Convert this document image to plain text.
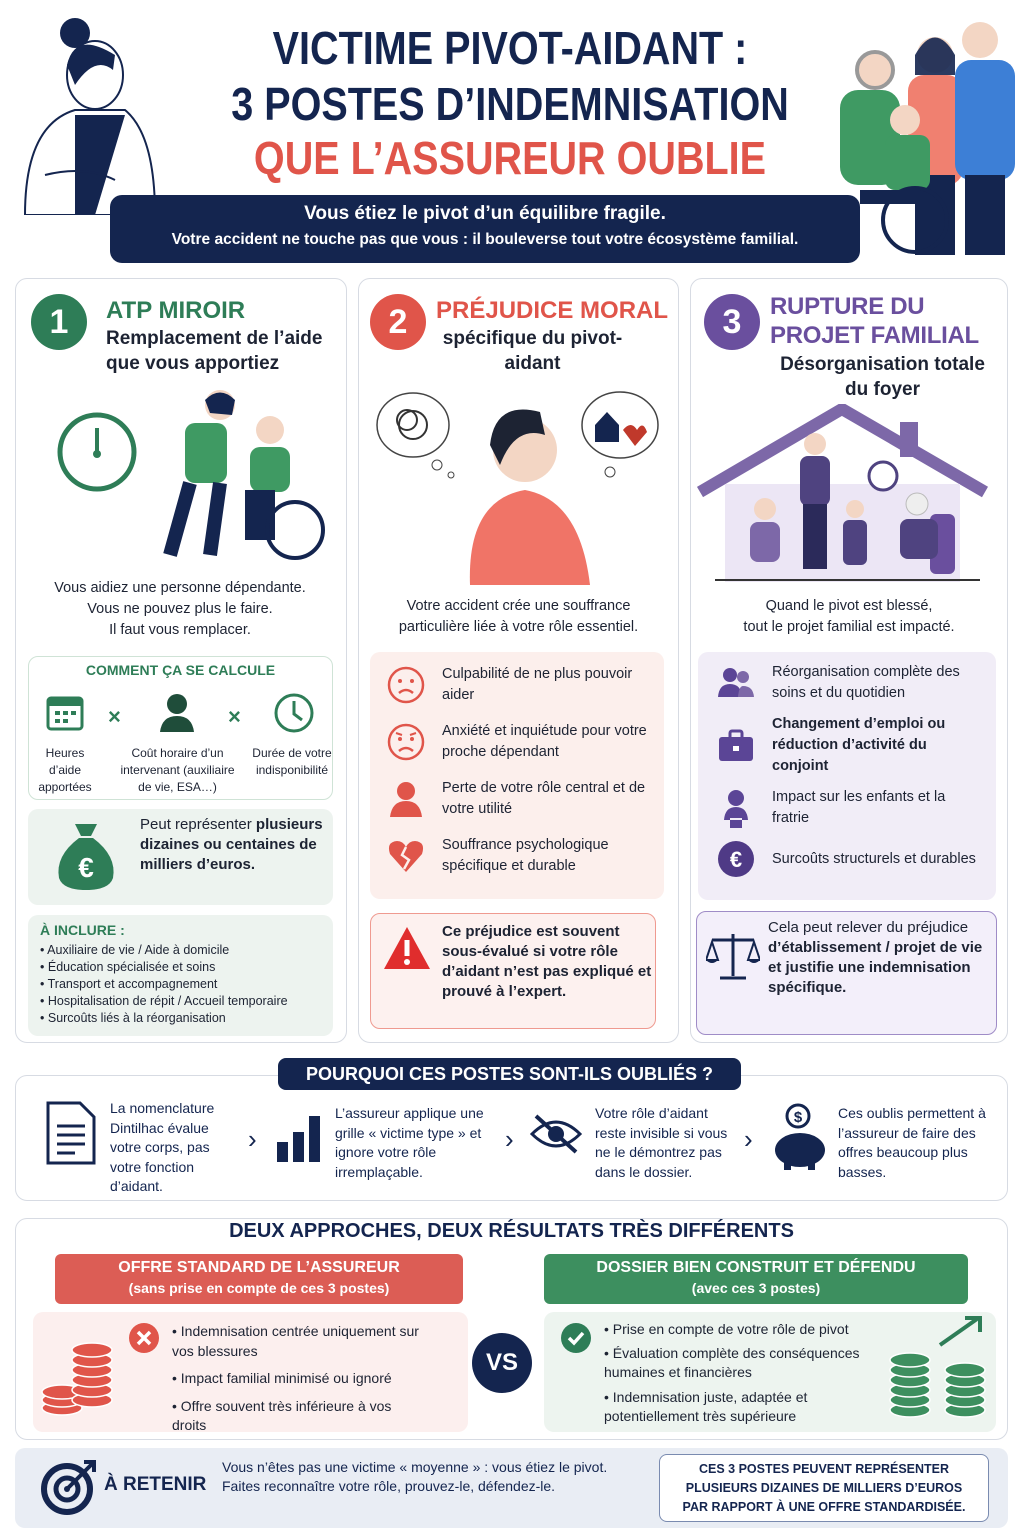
VICTIME PIVOT-AIDANT :
3 POSTES D’INDEMNISATION
QUE L’ASSUREUR OUBLIE
Vous étiez le pivot d’un équilibre fragile.
Votre accident ne touche pas que vous : il bouleverse tout votre écosystème familial.
1	ATP MIROIR
Remplacement de l’aide que vous apportiez
Vous aidiez une personne dépendante.
Vous ne pouvez plus le faire.
Il faut vous remplacer.
COMMENT ÇA SE CALCULE
×	×
Heures d’aide apportées
Coût horaire d’un intervenant (auxiliaire de vie, ESA…)
Durée de votre indisponibilité
€
Peut représenter plusieurs dizaines ou centaines de milliers d’euros.
À INCLURE :
• Auxiliaire de vie / Aide à domicile
• Éducation spécialisée et soins
• Transport et accompagnement
• Hospitalisation de répit / Accueil temporaire
• Surcoûts liés à la réorganisation
2	PRÉJUDICE MORAL
spécifique du pivot-aidant
Votre accident crée une souffrance
particulière liée à votre rôle essentiel.
Culpabilité de ne plus pouvoir aider
Anxiété et inquiétude pour votre proche dépendant
Perte de votre rôle central et de votre utilité
Souffrance psychologique spécifique et durable
Ce préjudice est souvent sous-évalué si votre rôle d’aidant n’est pas expliqué et prouvé à l’expert.
3	RUPTURE DU PROJET FAMILIAL
Désorganisation totale du foyer
Quand le pivot est blessé,
tout le projet familial est impacté.
Réorganisation complète des soins et du quotidien
Changement d’emploi ou réduction d’activité du conjoint
Impact sur les enfants et la fratrie
€ Surcoûts structurels et durables
Cela peut relever du préjudice d’établissement / projet de vie et justifie une indemnisation spécifique.
POURQUOI CES POSTES SONT-ILS OUBLIÉS ?
La nomenclature Dintilhac évalue votre corps, pas votre fonction d’aidant.
›
L’assureur applique une grille « victime type » et ignore votre rôle irremplaçable.
›
Votre rôle d’aidant reste invisible si vous ne le démontrez pas dans le dossier.
›
$	Ces oublis permettent à l’assureur de faire des offres beaucoup plus basses.
DEUX APPROCHES, DEUX RÉSULTATS TRÈS DIFFÉRENTS
OFFRE STANDARD DE L’ASSUREUR
(sans prise en compte de ces 3 postes)
• Indemnisation centrée uniquement sur vos blessures
• Impact familial minimisé ou ignoré
• Offre souvent très inférieure à vos droits
VS
DOSSIER BIEN CONSTRUIT ET DÉFENDU
(avec ces 3 postes)
• Prise en compte de votre rôle de pivot
• Évaluation complète des conséquences humaines et financières
• Indemnisation juste, adaptée et potentiellement très supérieure
À RETENIR
Vous n’êtes pas une victime « moyenne » : vous étiez le pivot.
Faites reconnaître votre rôle, prouvez-le, défendez-le.
CES 3 POSTES PEUVENT REPRÉSENTER PLUSIEURS DIZAINES DE MILLIERS D’EUROS PAR RAPPORT À UNE OFFRE STANDARDISÉE.
